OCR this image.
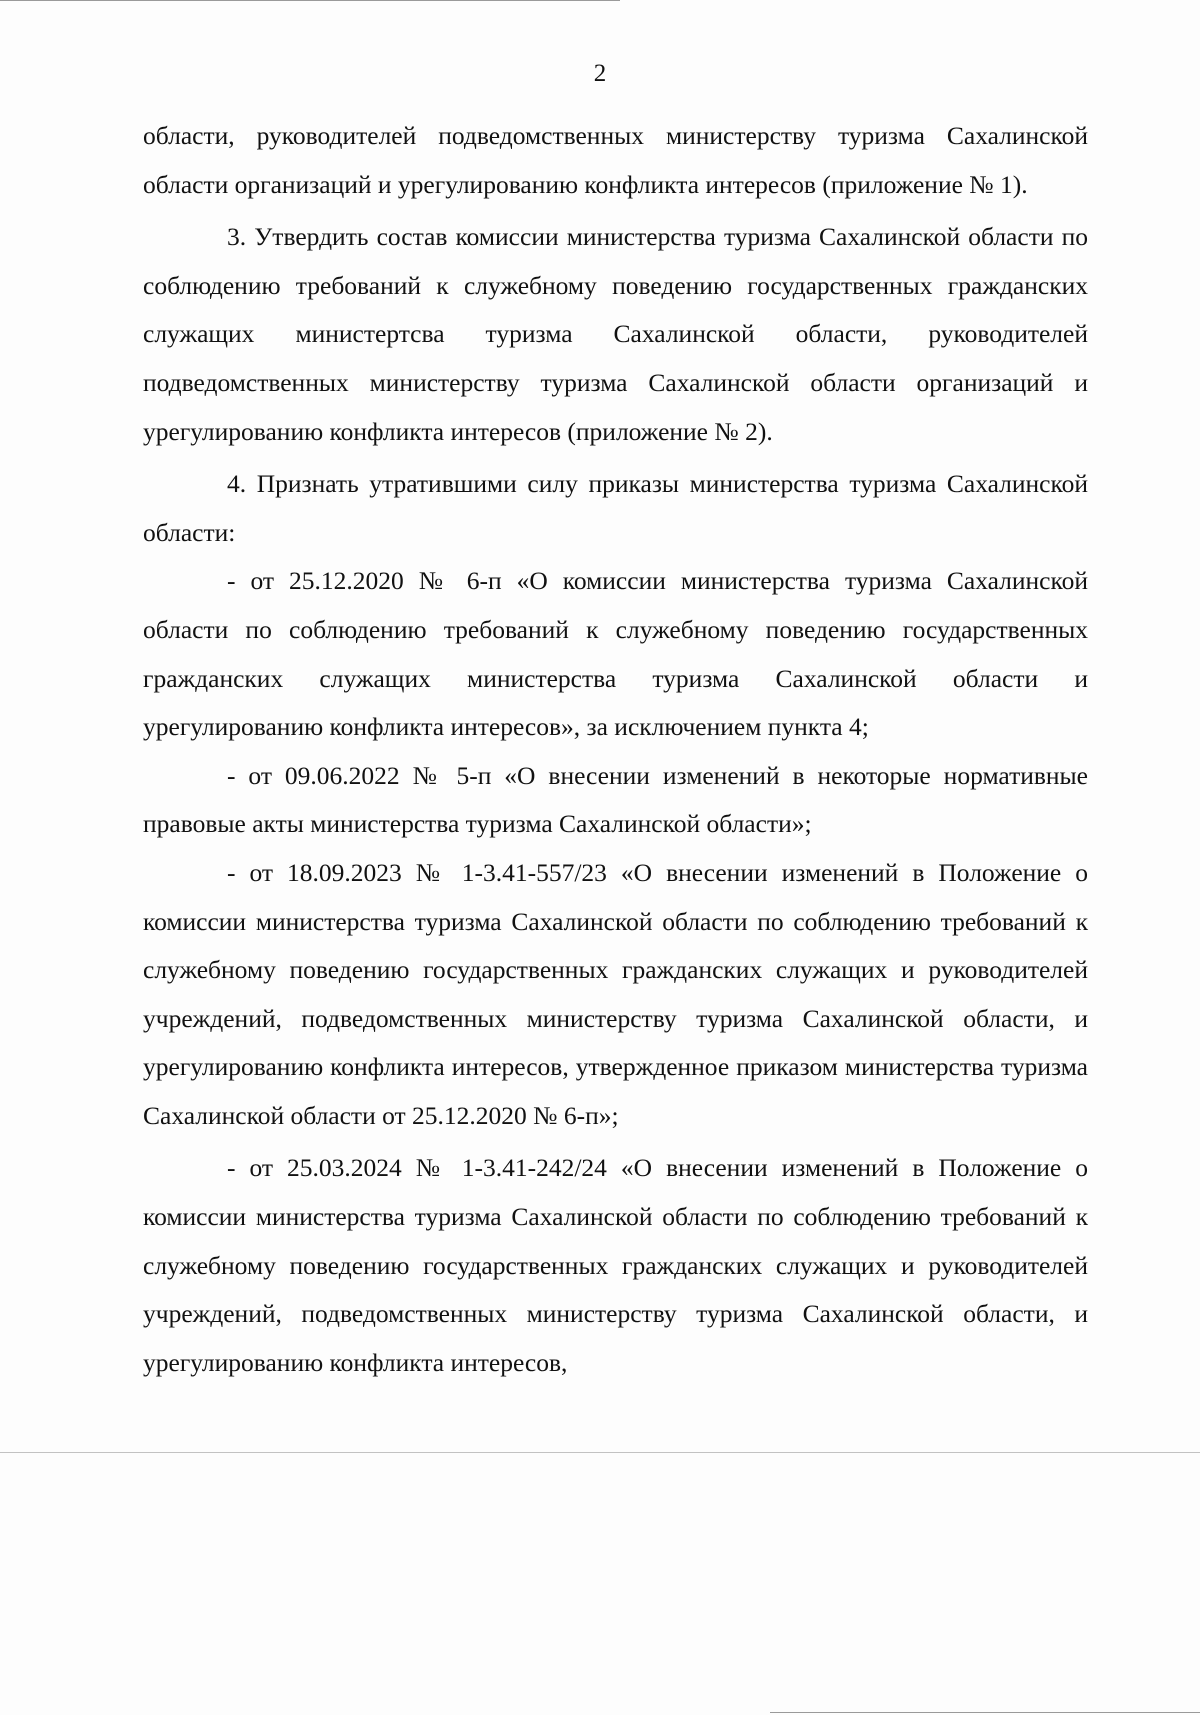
2

области, руководителей подведомственных министерству туризма Сахалинской области организаций и урегулированию конфликта интересов (приложение № 1).

3. Утвердить состав комиссии министерства туризма Сахалинской области по соблюдению требований к служебному поведению государственных гражданских служащих министертсва туризма Сахалинской области, руководителей подведомственных министерству туризма Сахалинской области организаций и урегулированию конфликта интересов (приложение № 2).

4. Признать утратившими силу приказы министерства туризма Сахалинской области:

- от 25.12.2020 № 6-п «О комиссии министерства туризма Сахалинской области по соблюдению требований к служебному поведению государственных гражданских служащих министерства туризма Сахалинской области и урегулированию конфликта интересов», за исключением пункта 4;

- от 09.06.2022 № 5-п «О внесении изменений в некоторые нормативные правовые акты министерства туризма Сахалинской области»;

- от 18.09.2023 № 1-3.41-557/23 «О внесении изменений в Положение о комиссии министерства туризма Сахалинской области по соблюдению требований к служебному поведению государственных гражданских служащих и руководителей учреждений, подведомственных министерству туризма Сахалинской области, и урегулированию конфликта интересов, утвержденное приказом министерства туризма Сахалинской области от 25.12.2020 № 6-п»;

- от 25.03.2024 № 1-3.41-242/24 «О внесении изменений в Положение о комиссии министерства туризма Сахалинской области по соблюдению требований к служебному поведению государственных гражданских служащих и руководителей учреждений, подведомственных министерству туризма Сахалинской области, и урегулированию конфликта интересов,
